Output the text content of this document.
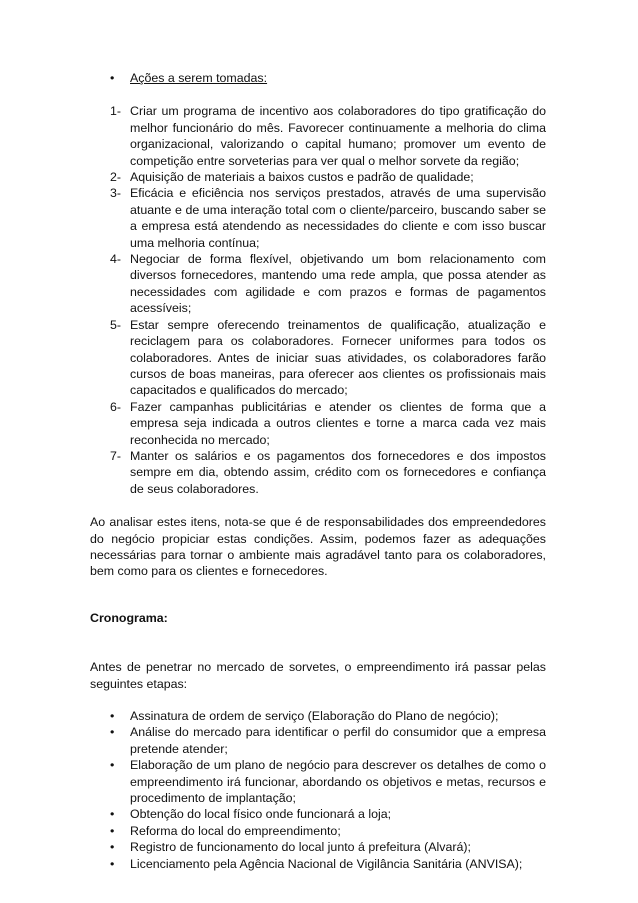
• Ações a serem tomadas:
1- Criar um programa de incentivo aos colaboradores do tipo gratificação do melhor funcionário do mês. Favorecer continuamente a melhoria do clima organizacional, valorizando o capital humano; promover um evento de competição entre sorveterias para ver qual o melhor sorvete da região;
2- Aquisição de materiais a baixos custos e padrão de qualidade;
3- Eficácia e eficiência nos serviços prestados, através de uma supervisão atuante e de uma interação total com o cliente/parceiro, buscando saber se a empresa está atendendo as necessidades do cliente e com isso buscar uma melhoria contínua;
4- Negociar de forma flexível, objetivando um bom relacionamento com diversos fornecedores, mantendo uma rede ampla, que possa atender as necessidades com agilidade e com prazos e formas de pagamentos acessíveis;
5- Estar sempre oferecendo treinamentos de qualificação, atualização e reciclagem para os colaboradores. Fornecer uniformes para todos os colaboradores. Antes de iniciar suas atividades, os colaboradores farão cursos de boas maneiras, para oferecer aos clientes os profissionais mais capacitados e qualificados do mercado;
6- Fazer campanhas publicitárias e atender os clientes de forma que a empresa seja indicada a outros clientes e torne a marca cada vez mais reconhecida no mercado;
7- Manter os salários e os pagamentos dos fornecedores e dos impostos sempre em dia, obtendo assim, crédito com os fornecedores e confiança de seus colaboradores.
Ao analisar estes itens, nota-se que é de responsabilidades dos empreendedores do negócio propiciar estas condições. Assim, podemos fazer as adequações necessárias para tornar o ambiente mais agradável tanto para os colaboradores, bem como para os clientes e fornecedores.
Cronograma:
Antes de penetrar no mercado de sorvetes, o empreendimento irá passar pelas seguintes etapas:
• Assinatura de ordem de serviço (Elaboração do Plano de negócio);
• Análise do mercado para identificar o perfil do consumidor que a empresa pretende atender;
• Elaboração de um plano de negócio para descrever os detalhes de como o empreendimento irá funcionar, abordando os objetivos e metas, recursos e procedimento de implantação;
• Obtenção do local físico onde funcionará a loja;
• Reforma do local do empreendimento;
• Registro de funcionamento do local junto á prefeitura (Alvará);
• Licenciamento pela Agência Nacional de Vigilância Sanitária (ANVISA);
